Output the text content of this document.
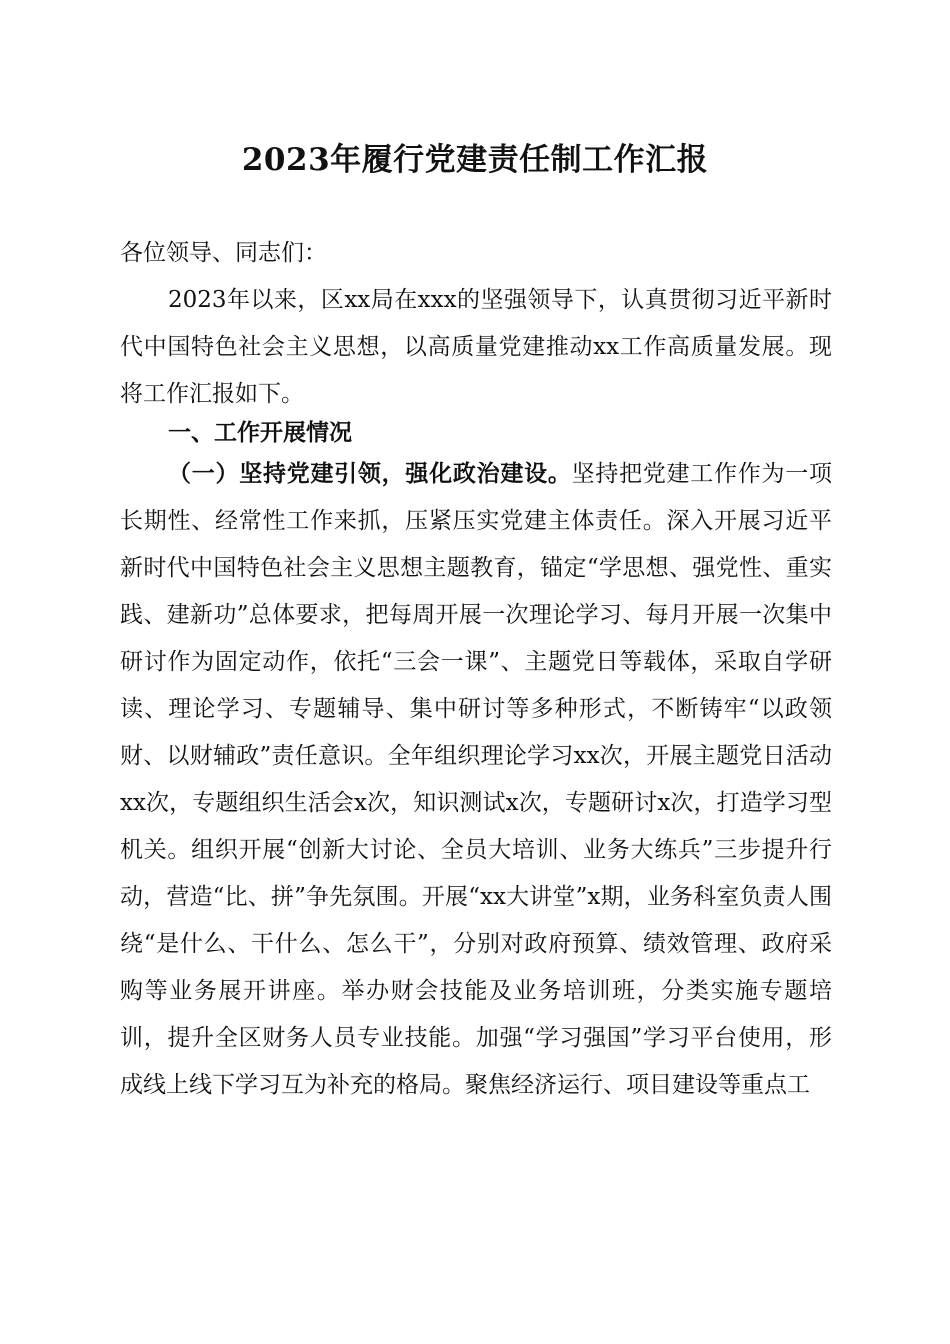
2023年履行党建责任制工作汇报
各位领导、同志们：

2023年以来，区xx局在xxx的坚强领导下，认真贯彻习近平新时代中国特色社会主义思想，以高质量党建推动xx工作高质量发展。现将工作汇报如下。

一、工作开展情况

（一）坚持党建引领，强化政治建设。坚持把党建工作作为一项长期性、经常性工作来抓，压紧压实党建主体责任。深入开展习近平新时代中国特色社会主义思想主题教育，锚定“学思想、强党性、重实践、建新功”总体要求，把每周开展一次理论学习、每月开展一次集中研讨作为固定动作，依托“三会一课”、主题党日等载体，采取自学研读、理论学习、专题辅导、集中研讨等多种形式，不断铸牢“以政领财、以财辅政”责任意识。全年组织理论学习xx次，开展主题党日活动xx次，专题组织生活会x次，知识测试x次，专题研讨x次，打造学习型机关。组织开展“创新大讨论、全员大培训、业务大练兵”三步提升行动，营造“比、拼”争先氛围。开展“xx大讲堂”x期，业务科室负责人围绕“是什么、干什么、怎么干”，分别对政府预算、绩效管理、政府采购等业务展开讲座。举办财会技能及业务培训班，分类实施专题培训，提升全区财务人员专业技能。加强“学习强国”学习平台使用，形成线上线下学习互为补充的格局。聚焦经济运行、项目建设等重点工
